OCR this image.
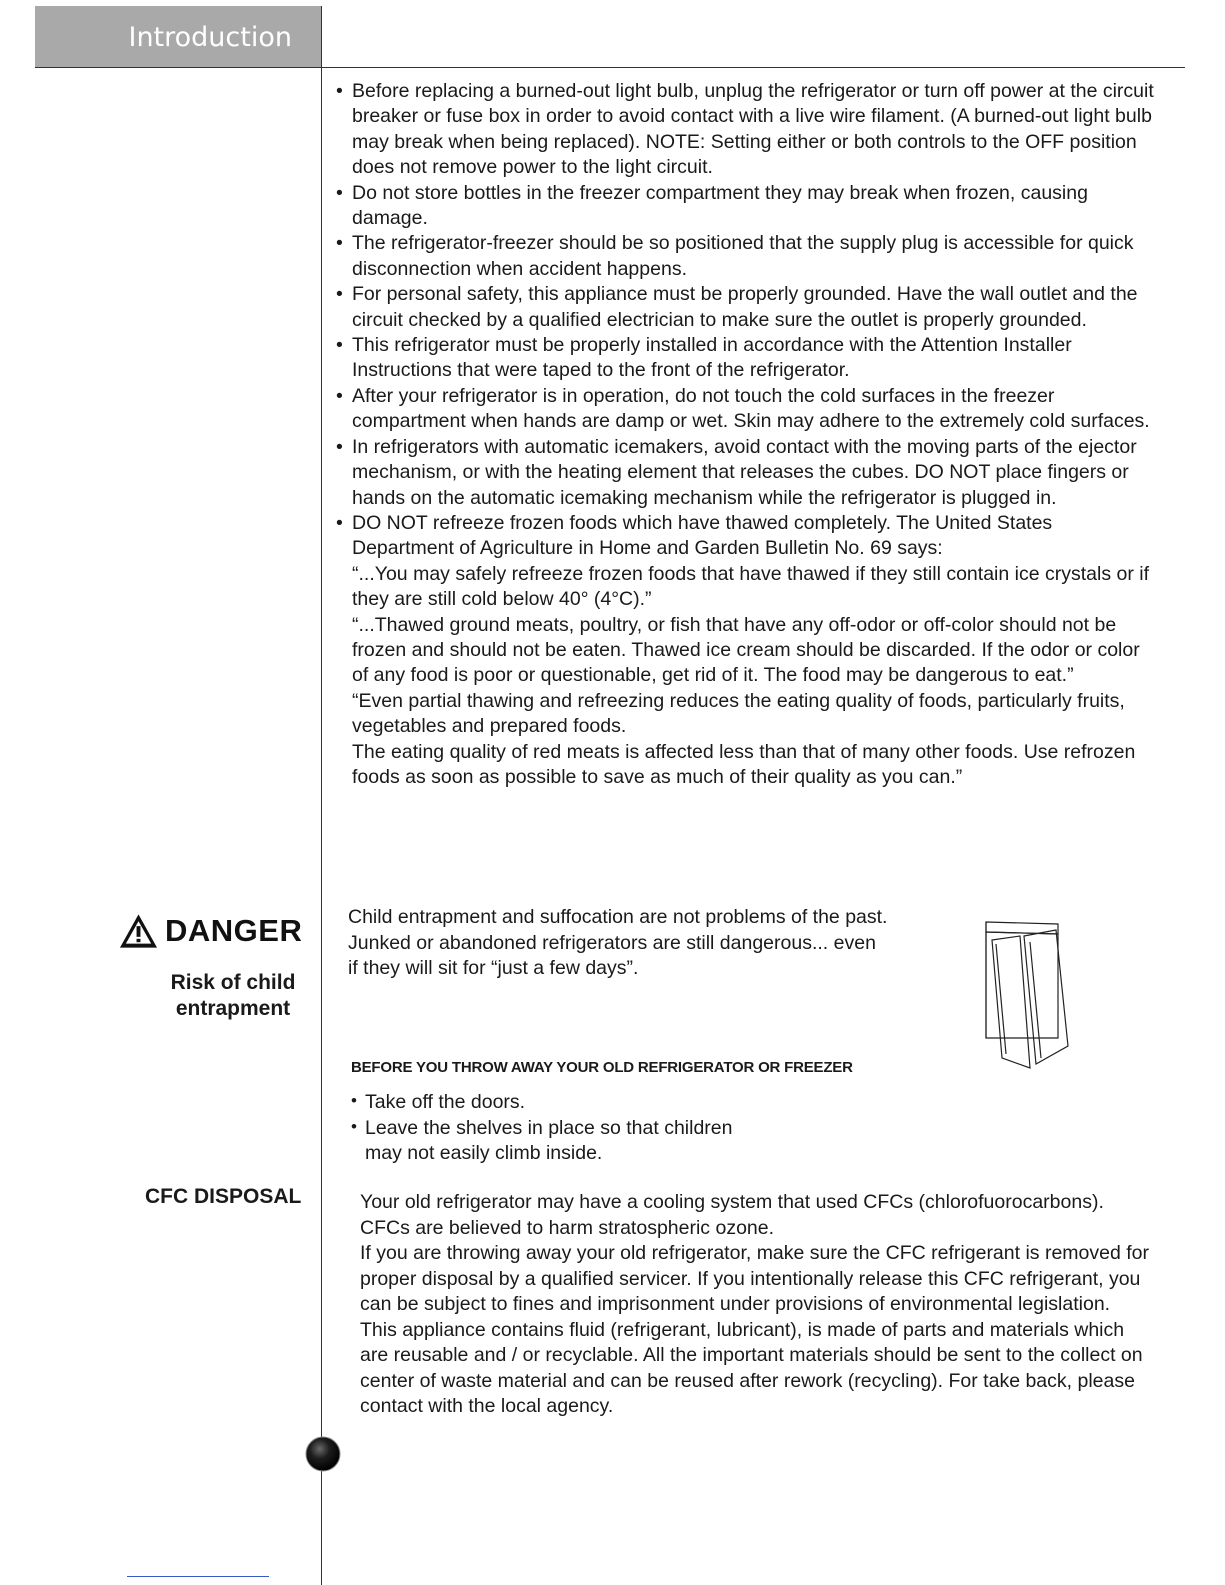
Introduction
• Before replacing a burned-out light bulb, unplug the refrigerator or turn off power at the circuit breaker or fuse box in order to avoid contact with a live wire filament. (A burned-out light bulb may break when being replaced). NOTE: Setting either or both controls to the OFF position does not remove power to the light circuit.
• Do not store bottles in the freezer compartment they may break when frozen, causing damage.
• The refrigerator-freezer should be so positioned that the supply plug is accessible for quick disconnection when accident happens.
• For personal safety, this appliance must be properly grounded. Have the wall outlet and the circuit checked by a qualified electrician to make sure the outlet is properly grounded.
• This refrigerator must be properly installed in accordance with the Attention Installer Instructions that were taped to the front of the refrigerator.
• After your refrigerator is in operation, do not touch the cold surfaces in the freezer compartment when hands are damp or wet. Skin may adhere to the extremely cold surfaces.
• In refrigerators with automatic icemakers, avoid contact with the moving parts of the ejector mechanism, or with the heating element that releases the cubes. DO NOT place fingers or hands on the automatic icemaking mechanism while the refrigerator is plugged in.
• DO NOT refreeze frozen foods which have thawed completely. The United States Department of Agriculture in Home and Garden Bulletin No. 69 says:
“...You may safely refreeze frozen foods that have thawed if they still contain ice crystals or if they are still cold below 40° (4°C).”
“...Thawed ground meats, poultry, or fish that have any off-odor or off-color should not be frozen and should not be eaten. Thawed ice cream should be discarded. If the odor or color of any food is poor or questionable, get rid of it. The food may be dangerous to eat.”
“Even partial thawing and refreezing reduces the eating quality of foods, particularly fruits, vegetables and prepared foods.
The eating quality of red meats is affected less than that of many other foods. Use refrozen foods as soon as possible to save as much of their quality as you can.”
DANGER
Risk of child entrapment
Child entrapment and suffocation are not problems of the past. Junked or abandoned refrigerators are still dangerous... even if they will sit for “just a few days”.
BEFORE YOU THROW AWAY YOUR OLD REFRIGERATOR OR FREEZER
• Take off the doors.
• Leave the shelves in place so that children may not easily climb inside.
CFC DISPOSAL	Your old refrigerator may have a cooling system that used CFCs (chlorofuorocarbons). CFCs are believed to harm stratospheric ozone.
If you are throwing away your old refrigerator, make sure the CFC refrigerant is removed for proper disposal by a qualified servicer. If you intentionally release this CFC refrigerant, you can be subject to fines and imprisonment under provisions of environmental legislation.
This appliance contains fluid (refrigerant, lubricant), is made of parts and materials which are reusable and / or recyclable. All the important materials should be sent to the collect on center of waste material and can be reused after rework (recycling). For take back, please contact with the local agency.
